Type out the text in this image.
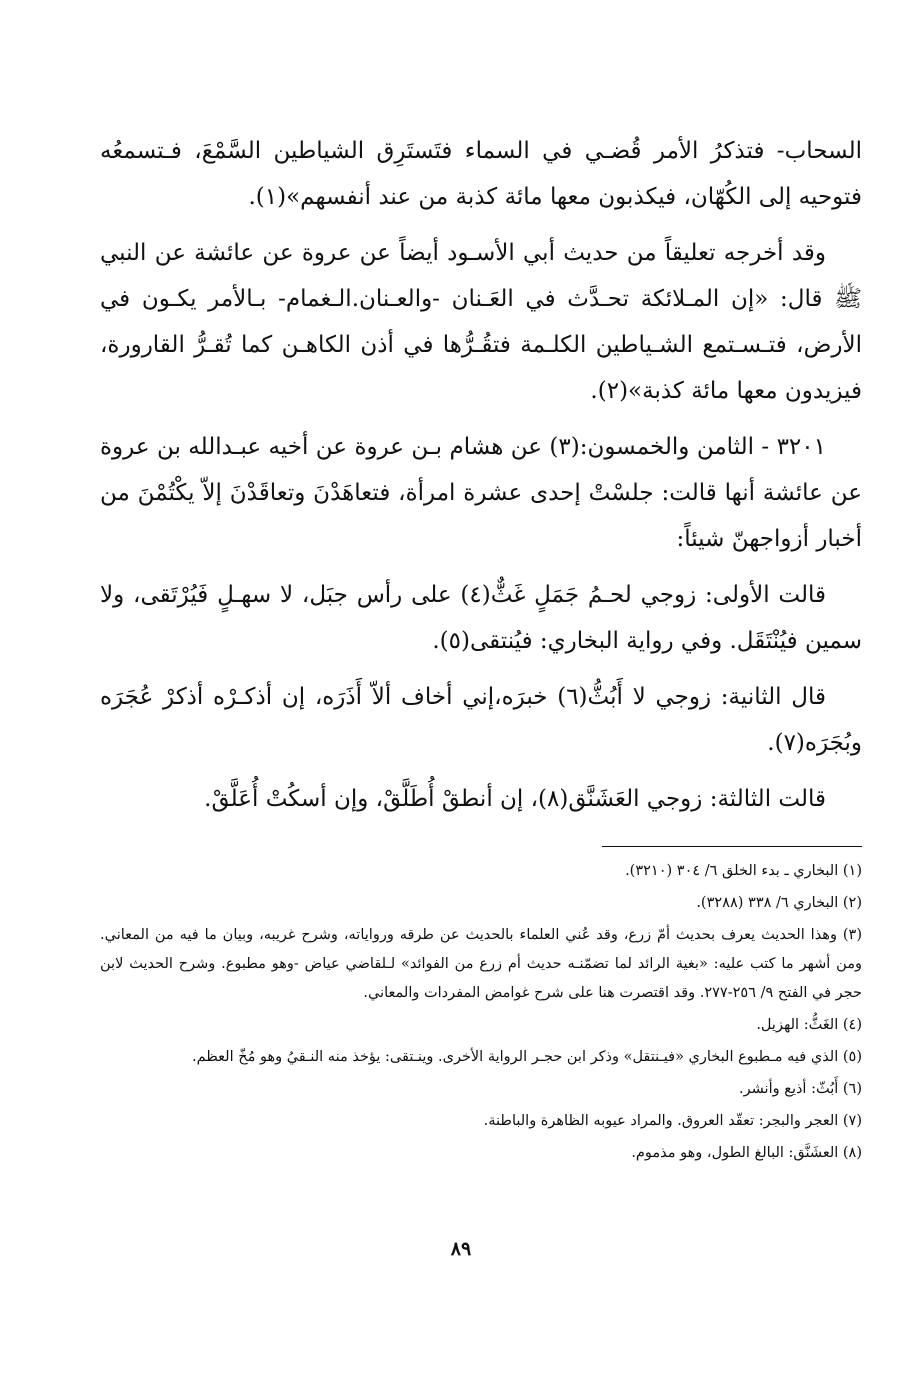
السحاب- فتذكرُ الأمر قُضـي في السماء فتَستَرِق الشياطين السَّمْعَ، فـتسمعُه فتوحيه إلى الكُهّان، فيكذبون معها مائة كذبة من عند أنفسهم»(١).

وقد أخرجه تعليقاً من حديث أبي الأسـود أيضاً عن عروة عن عائشة عن النبي ﷺ قال: «إن المـلائكة تحـدَّث في العَـنان -والعـنان.الـغمام- بـالأمر يكـون في الأرض، فتـسـتمع الشـياطين الكلـمة فتقُـرُّها في أذن الكاهـن كما تُقـرُّ القارورة، فيزيدون معها مائة كذبة»(٢).

٣٢٠١ - الثامن والخمسون:(٣) عن هشام بـن عروة عن أخيه عبـدالله بن عروة عن عائشة أنها قالت: جلسْتْ إحدى عشرة امرأة، فتعاهَدْنَ وتعاقَدْنَ إلاّ يكْتُمْنَ من أخبار أزواجهنّ شيئاً:

قالت الأولى: زوجي لحـمُ جَمَلٍ غَثٌّ(٤) على رأس جبَل، لا سهـلٍ فَيُرْتَقى، ولا سمين فيُنْتَقَل. وفي رواية البخاري: فيُنتقى(٥).

قال الثانية: زوجي لا أَبُثُّ(٦) خبرَه،إني أخاف ألاّ أَذَرَه، إن أذكـرْه أذكرْ عُجَرَه وبُجَرَه(٧).

قالت الثالثة: زوجي العَشَنَّق(٨)، إن أنطقْ أُطَلَّقْ، وإن أسكُتْ أُعَلَّقْ.

(١) البخاري ـ بدء الخلق ٦/ ٣٠٤ (٣٢١٠).

(٢) البخاري ٦/ ٣٣٨ (٣٢٨٨).

(٣) وهذا الحديث يعرف بحديث أمّ زرع، وقد عُني العلماء بالحديث عن طرقه ورواياته، وشرح غريبه، وبيان ما فيه من المعاني. ومن أشهر ما كتب عليه: «بغية الرائد لما تضمّنـه حديث أم زرع من الفوائد» لـلقاضي عياض -وهو مطبوع. وشرح الحديث لابن حجر في الفتح ٩/ ٢٥٦-٢٧٧. وقد اقتصرت هنا على شرح غوامض المفردات والمعاني.

(٤) الغَثُّ: الهزيل.

(٥) الذي فيه مـطبوع البخاري «فيـنتقل» وذكر ابن حجـر الرواية الأخرى. وينـتقى: يؤخذ منه النـقيُ وهو مُخّ العظم.

(٦) أَبُثّ: أذيع وأنشر.

(٧) العجر والبجر: تعقّد العروق. والمراد عيوبه الظاهرة والباطنة.

(٨) العشَنَّق: البالغ الطول، وهو مذموم.

٨٩
